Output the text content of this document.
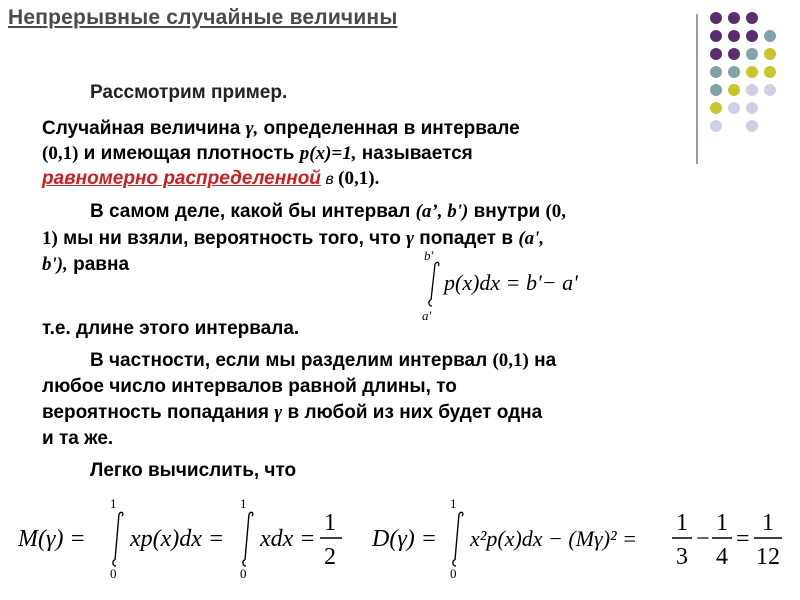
Непрерывные случайные величины
Рассмотрим пример.
Случайная величина γ, определенная в интервале
(0,1) и имеющая плотность p(x)=1, называется
равномерно распределенной в (0,1).
В самом деле, какой бы интервал (a’, b') внутри (0,
1) мы ни взяли, вероятность того, что γ попадет в (a',
b'), равна	b'
a'
p(x)dx = b'− a'
т.е. длине этого интервала.
В частности, если мы разделим интервал (0,1) на
любое число интервалов равной длины, то
вероятность попадания γ в любой из них будет одна
и та же.
Легко вычислить, что
M(γ) =
1
0
xp(x)dx =
1
0
xdx =
1
2
D(γ) =
1
0
x²p(x)dx − (Mγ)² =
1
3
−
1
4
=
1
12
